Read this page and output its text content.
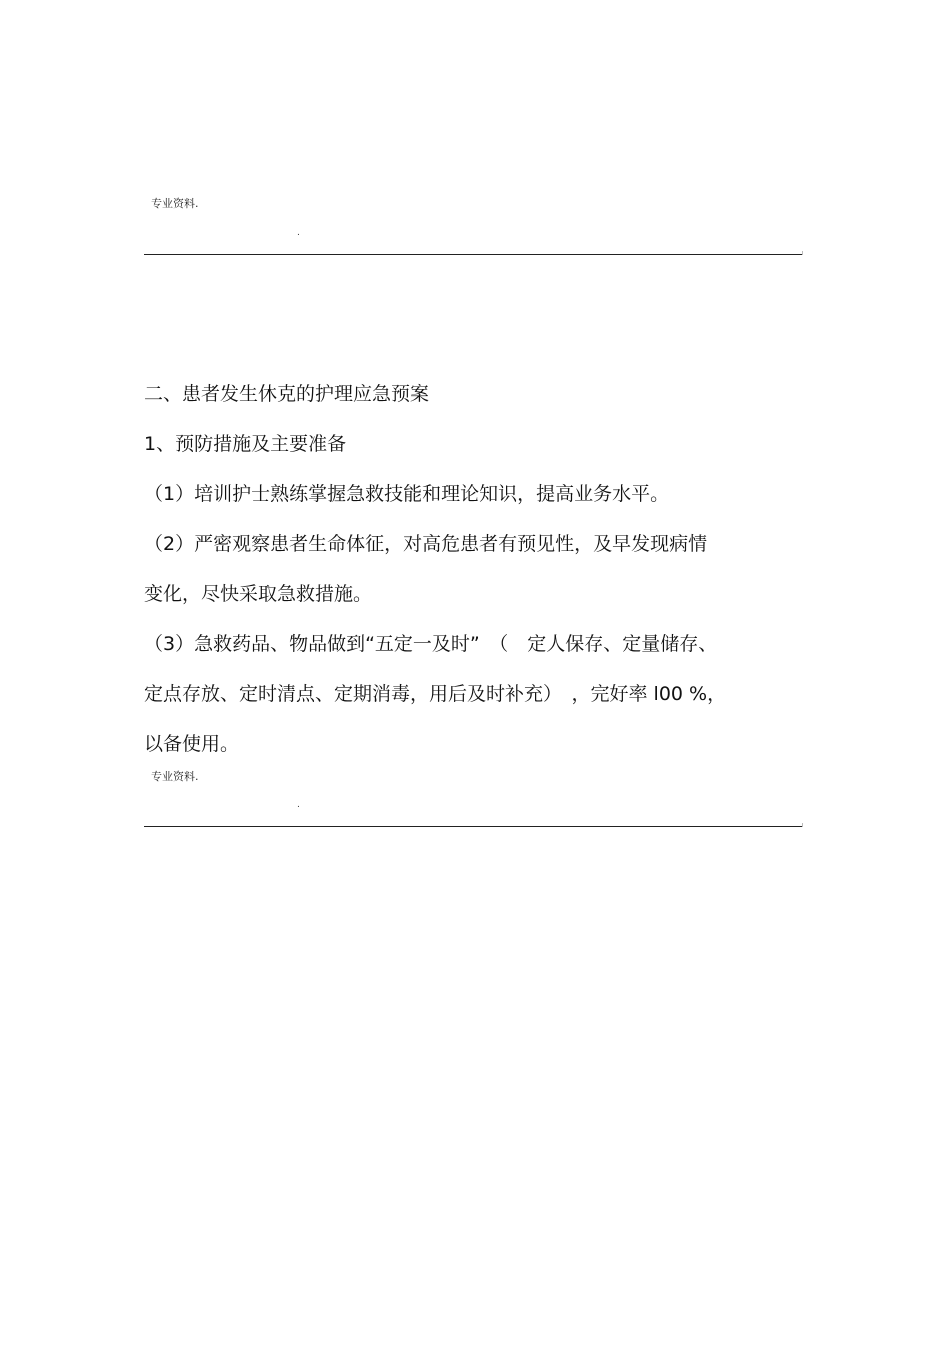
专业资料.
.
二、患者发生休克的护理应急预案
1、预防措施及主要准备
（1）培训护士熟练掌握急救技能和理论知识，提高业务水平。
（2）严密观察患者生命体征，对高危患者有预见性，及早发现病情
变化，尽快采取急救措施。
（3）急救药品、物品做到“五定一及时”　（　定人保存、定量储存、
定点存放、定时清点、定期消毒，用后及时补充）　，完好率 l00 %，
以备使用。
专业资料.
.
